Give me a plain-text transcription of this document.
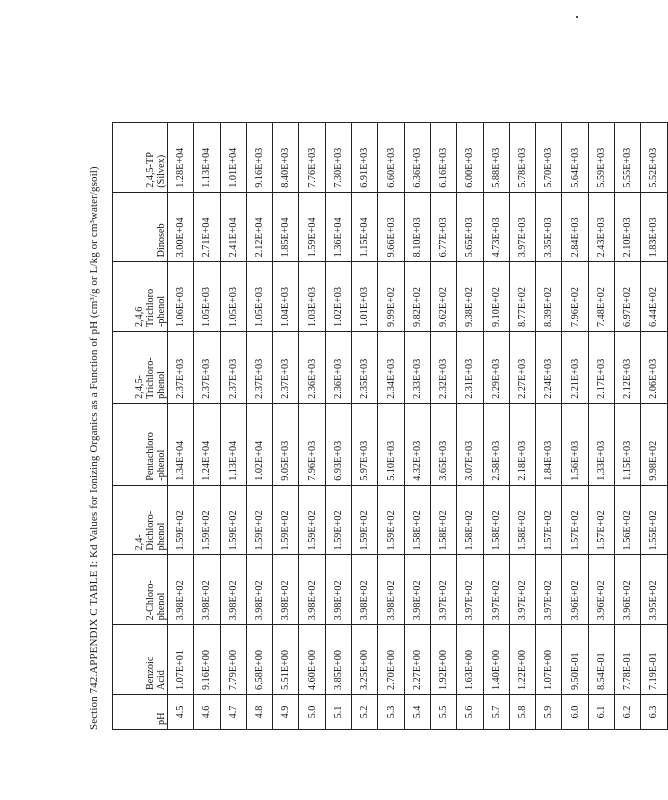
Section 742.APPENDIX C TABLE I: Kd Values for Ionizing Organics as a Function of pH (cm³/g or L/kg or cm³water/gsoil)	pH	Benzoic Acid	2-Chloro- phenol	2,4- Dichloro- phenol	Pentachloro -phenol	2,4,5- Trichloro- phenol	2,4,6 Trichloro -phenol	Dinoseb	2,4,5-TP (Silvex)

4.5	1.07E+01	3.98E+02	1.59E+02	1.34E+04	2.37E+03	1.06E+03	3.00E+04	1.28E+04
4.6	9.16E+00	3.98E+02	1.59E+02	1.24E+04	2.37E+03	1.05E+03	2.71E+04	1.13E+04
4.7	7.79E+00	3.98E+02	1.59E+02	1.13E+04	2.37E+03	1.05E+03	2.41E+04	1.01E+04
4.8	6.58E+00	3.98E+02	1.59E+02	1.02E+04	2.37E+03	1.05E+03	2.12E+04	9.16E+03
4.9	5.51E+00	3.98E+02	1.59E+02	9.05E+03	2.37E+03	1.04E+03	1.85E+04	8.40E+03
5.0	4.60E+00	3.98E+02	1.59E+02	7.96E+03	2.36E+03	1.03E+03	1.59E+04	7.76E+03
5.1	3.85E+00	3.98E+02	1.59E+02	6.93E+03	2.36E+03	1.02E+03	1.36E+04	7.30E+03
5.2	3.25E+00	3.98E+02	1.59E+02	5.97E+03	2.35E+03	1.01E+03	1.15E+04	6.91E+03
5.3	2.70E+00	3.98E+02	1.59E+02	5.10E+03	2.34E+03	9.99E+02	9.66E+03	6.60E+03
5.4	2.27E+00	3.98E+02	1.58E+02	4.32E+03	2.33E+03	9.82E+02	8.10E+03	6.36E+03
5.5	1.92E+00	3.97E+02	1.58E+02	3.65E+03	2.32E+03	9.62E+02	6.77E+03	6.16E+03
5.6	1.63E+00	3.97E+02	1.58E+02	3.07E+03	2.31E+03	9.38E+02	5.65E+03	6.00E+03
5.7	1.40E+00	3.97E+02	1.58E+02	2.58E+03	2.29E+03	9.10E+02	4.73E+03	5.88E+03
5.8	1.22E+00	3.97E+02	1.58E+02	2.18E+03	2.27E+03	8.77E+02	3.97E+03	5.78E+03
5.9	1.07E+00	3.97E+02	1.57E+02	1.84E+03	2.24E+03	8.39E+02	3.35E+03	5.70E+03
6.0	9.50E-01	3.96E+02	1.57E+02	1.56E+03	2.21E+03	7.96E+02	2.84E+03	5.64E+03
6.1	8.54E-01	3.96E+02	1.57E+02	1.33E+03	2.17E+03	7.48E+02	2.43E+03	5.59E+03
6.2	7.78E-01	3.96E+02	1.56E+02	1.15E+03	2.12E+03	6.97E+02	2.10E+03	5.55E+03
6.3	7.19E-01	3.95E+02	1.55E+02	9.98E+02	2.06E+03	6.44E+02	1.83E+03	5.52E+03
